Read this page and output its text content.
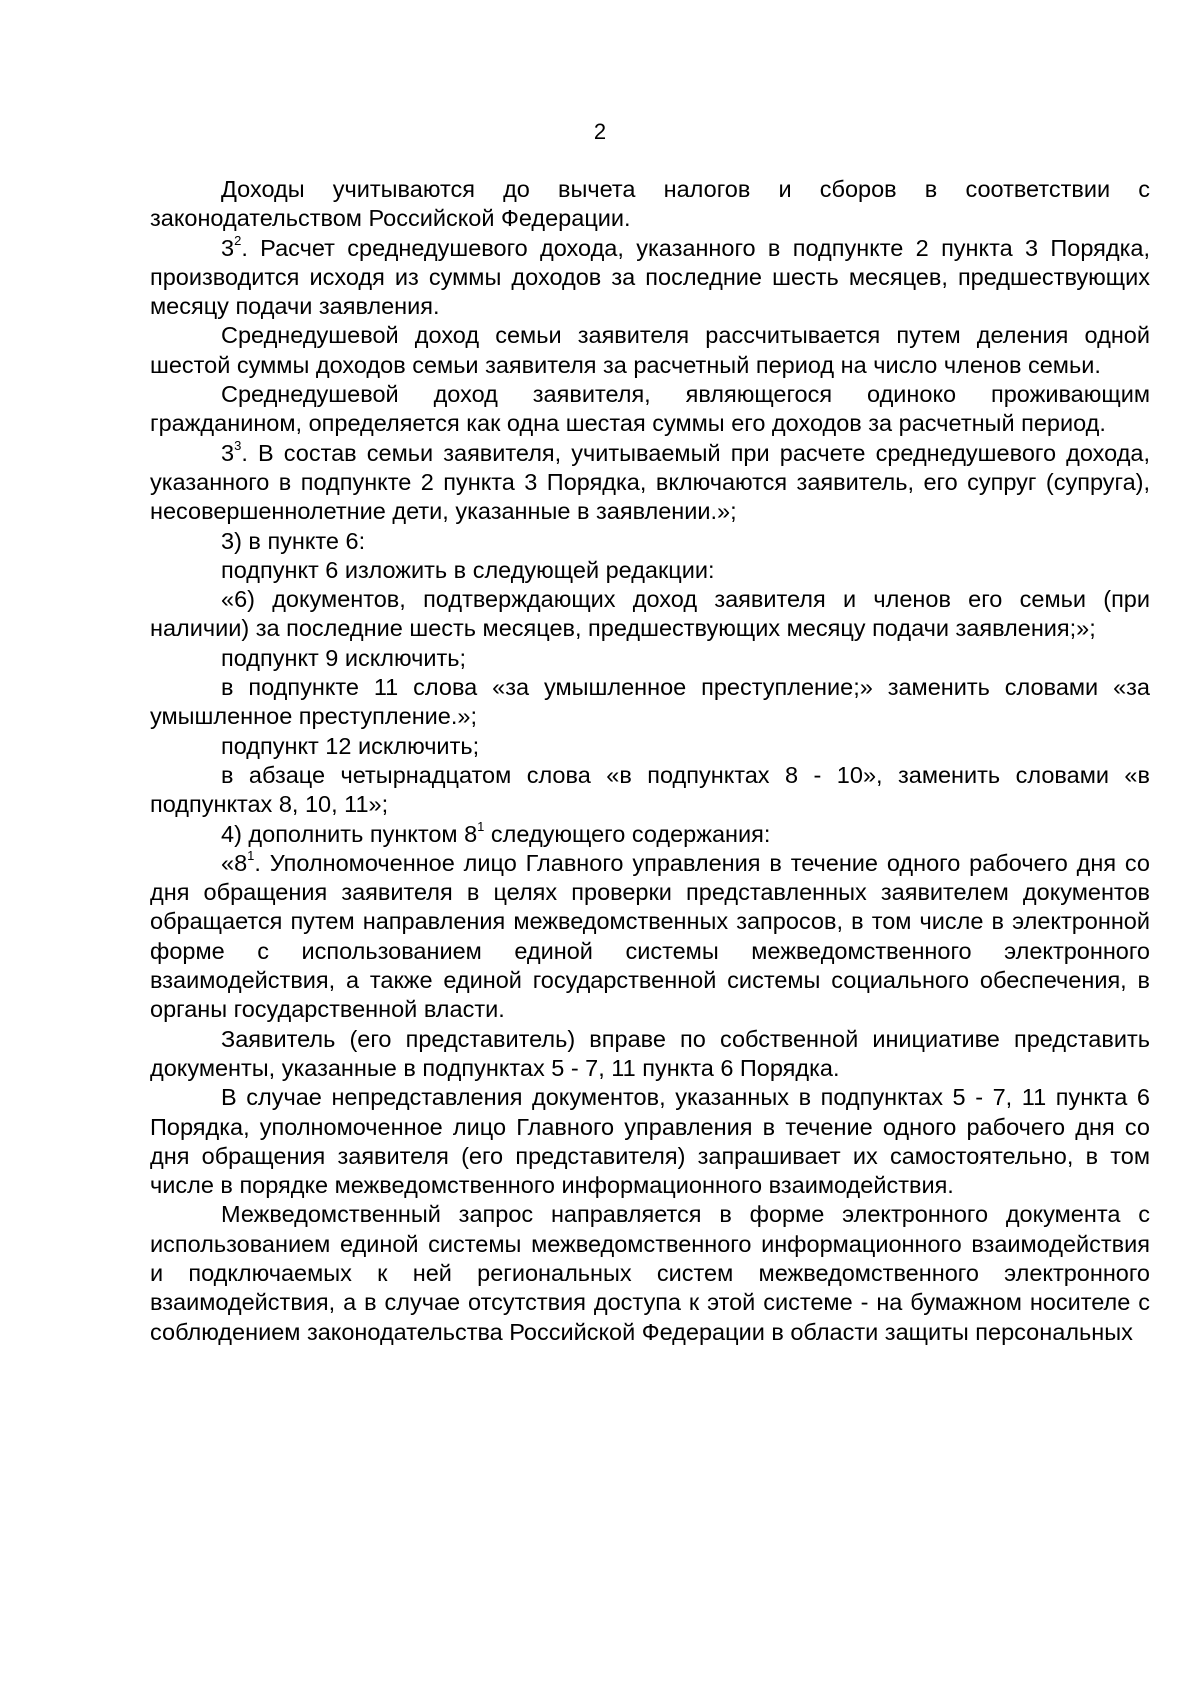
2

Доходы учитываются до вычета налогов и сборов в соответствии с законодательством Российской Федерации.

$3^2$. Расчет среднедушевого дохода, указанного в подпункте 2 пункта 3 Порядка, производится исходя из суммы доходов за последние шесть месяцев, предшествующих месяцу подачи заявления.

Среднедушевой доход семьи заявителя рассчитывается путем деления одной шестой суммы доходов семьи заявителя за расчетный период на число членов семьи.

Среднедушевой доход заявителя, являющегося одиноко проживающим гражданином, определяется как одна шестая суммы его доходов за расчетный период.

$3^3$. В состав семьи заявителя, учитываемый при расчете среднедушевого дохода, указанного в подпункте 2 пункта 3 Порядка, включаются заявитель, его супруг (супруга), несовершеннолетние дети, указанные в заявлении.»;

3) в пункте 6:

подпункт 6 изложить в следующей редакции:

«6) документов, подтверждающих доход заявителя и членов его семьи (при наличии) за последние шесть месяцев, предшествующих месяцу подачи заявления;»;

подпункт 9 исключить;

в подпункте 11 слова «за умышленное преступление;» заменить словами «за умышленное преступление.»;

подпункт 12 исключить;

в абзаце четырнадцатом слова «в подпунктах 8 - 10», заменить словами «в подпунктах 8, 10, 11»;

4) дополнить пунктом $8^1$ следующего содержания:

«$8^1$. Уполномоченное лицо Главного управления в течение одного рабочего дня со дня обращения заявителя в целях проверки представленных заявителем документов обращается путем направления межведомственных запросов, в том числе в электронной форме с использованием единой системы межведомственного электронного взаимодействия, а также единой государственной системы социального обеспечения, в органы государственной власти.

Заявитель (его представитель) вправе по собственной инициативе представить документы, указанные в подпунктах 5 - 7, 11 пункта 6 Порядка.

В случае непредставления документов, указанных в подпунктах 5 - 7, 11 пункта 6 Порядка, уполномоченное лицо Главного управления в течение одного рабочего дня со дня обращения заявителя (его представителя) запрашивает их самостоятельно, в том числе в порядке межведомственного информационного взаимодействия.

Межведомственный запрос направляется в форме электронного документа с использованием единой системы межведомственного информационного взаимодействия и подключаемых к ней региональных систем межведомственного электронного взаимодействия, а в случае отсутствия доступа к этой системе - на бумажном носителе с соблюдением законодательства Российской Федерации в области защиты персональных
